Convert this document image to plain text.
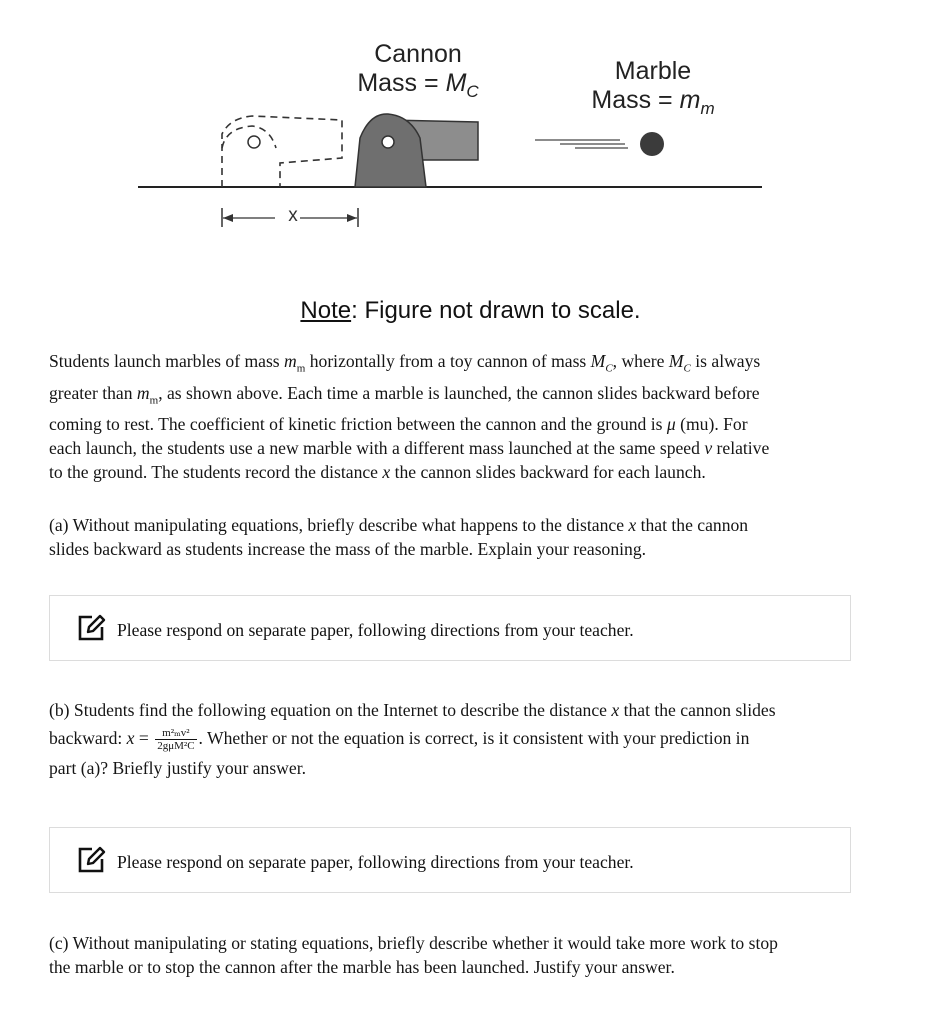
Cannon
Mass = $M_C$
Marble
Mass = $m_m$
x
Note: Figure not drawn to scale.
Students launch marbles of mass $m_m$ horizontally from a toy cannon of mass $M_C$, where $M_C$ is always
greater than $m_m$, as shown above. Each time a marble is launched, the cannon slides backward before
coming to rest. The coefficient of kinetic friction between the cannon and the ground is μ (mu). For
each launch, the students use a new marble with a different mass launched at the same speed v relative
to the ground. The students record the distance x the cannon slides backward for each launch.
(a) Without manipulating equations, briefly describe what happens to the distance x that the cannon
slides backward as students increase the mass of the marble. Explain your reasoning.
Please respond on separate paper, following directions from your teacher.
(b) Students find the following equation on the Internet to describe the distance x that the cannon slides
backward: $x = \frac{\text{m²ₘv²}}{\text{2gμM²C}}$ . Whether or not the equation is correct, is it consistent with your prediction in
part (a)? Briefly justify your answer.
Please respond on separate paper, following directions from your teacher.
(c) Without manipulating or stating equations, briefly describe whether it would take more work to stop
the marble or to stop the cannon after the marble has been launched. Justify your answer.
